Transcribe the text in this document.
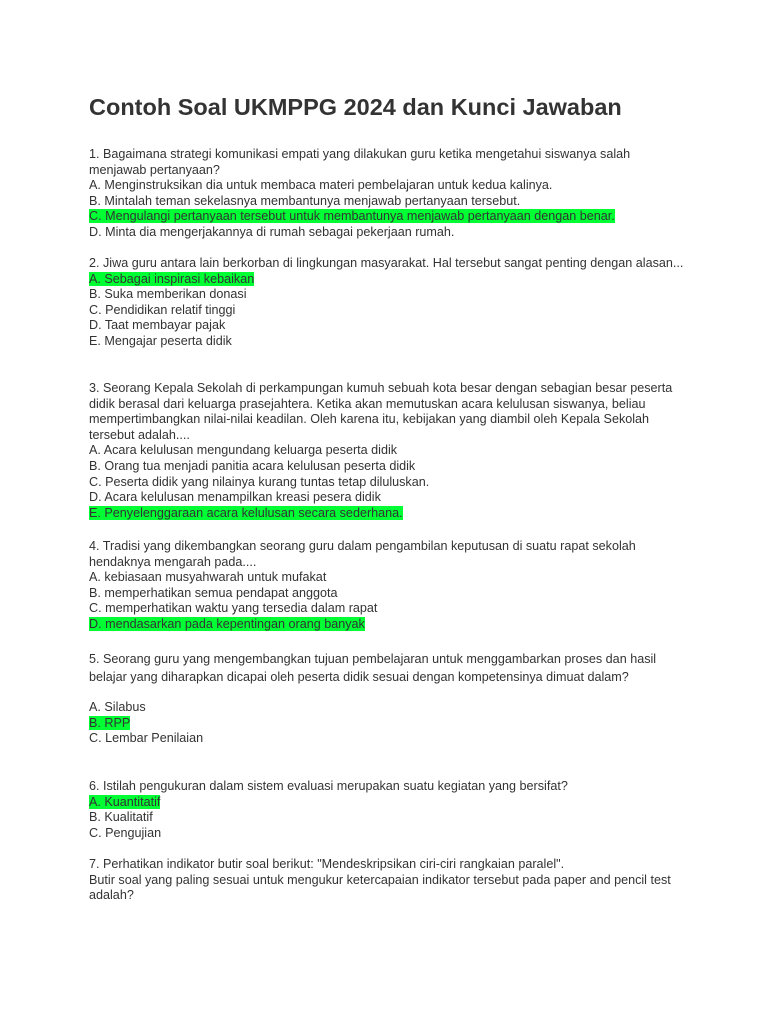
Contoh Soal UKMPPG 2024 dan Kunci Jawaban

1. Bagaimana strategi komunikasi empati yang dilakukan guru ketika mengetahui siswanya salah menjawab pertanyaan?

A. Menginstruksikan dia untuk membaca materi pembelajaran untuk kedua kalinya.
B. Mintalah teman sekelasnya membantunya menjawab pertanyaan tersebut.
C. Mengulangi pertanyaan tersebut untuk membantunya menjawab pertanyaan dengan benar.
D. Minta dia mengerjakannya di rumah sebagai pekerjaan rumah.

2. Jiwa guru antara lain berkorban di lingkungan masyarakat. Hal tersebut sangat penting dengan alasan...

A. Sebagai inspirasi kebaikan
B. Suka memberikan donasi
C. Pendidikan relatif tinggi
D. Taat membayar pajak
E. Mengajar peserta didik

3. Seorang Kepala Sekolah di perkampungan kumuh sebuah kota besar dengan sebagian besar peserta didik berasal dari keluarga prasejahtera. Ketika akan memutuskan acara kelulusan siswanya, beliau mempertimbangkan nilai-nilai keadilan. Oleh karena itu, kebijakan yang diambil oleh Kepala Sekolah tersebut adalah....

A. Acara kelulusan mengundang keluarga peserta didik
B. Orang tua menjadi panitia acara kelulusan peserta didik
C. Peserta didik yang nilainya kurang tuntas tetap diluluskan.
D. Acara kelulusan menampilkan kreasi pesera didik
E. Penyelenggaraan acara kelulusan secara sederhana.

4. Tradisi yang dikembangkan seorang guru dalam pengambilan keputusan di suatu rapat sekolah hendaknya mengarah pada....

A. kebiasaan musyahwarah untuk mufakat
B. memperhatikan semua pendapat anggota
C. memperhatikan waktu yang tersedia dalam rapat
D. mendasarkan pada kepentingan orang banyak

5. Seorang guru yang mengembangkan tujuan pembelajaran untuk menggambarkan proses dan hasil belajar yang diharapkan dicapai oleh peserta didik sesuai dengan kompetensinya dimuat dalam?

A. Silabus
B. RPP
C. Lembar Penilaian

6. Istilah pengukuran dalam sistem evaluasi merupakan suatu kegiatan yang bersifat?

A. Kuantitatif
B. Kualitatif
C. Pengujian

7. Perhatikan indikator butir soal berikut: "Mendeskripsikan ciri-ciri rangkaian paralel".

Butir soal yang paling sesuai untuk mengukur ketercapaian indikator tersebut pada paper and pencil test adalah?
